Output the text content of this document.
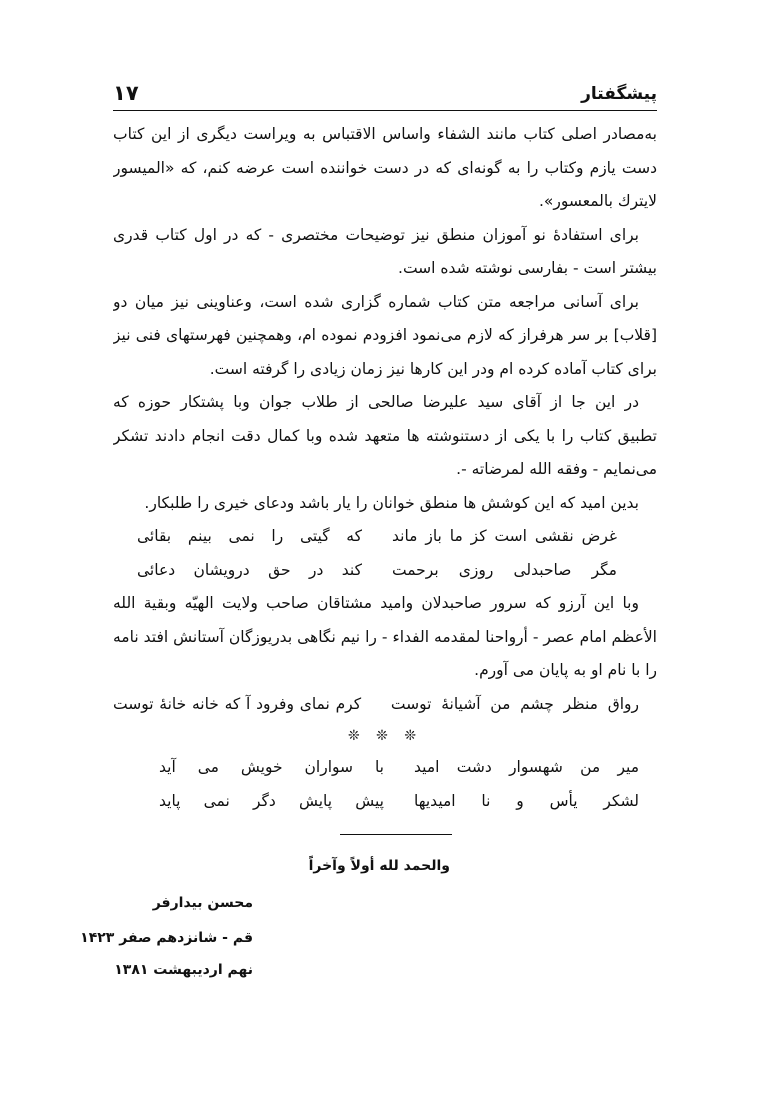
پیشگفتار
۱۷
به‌مصادر اصلی کتاب مانند الشفاء واساس الاقتباس به ویراست دیگری از این کتاب
دست یازم وکتاب را به گونه‌ای که در دست خواننده است عرضه کنم، که «المیسور
لایترك بالمعسور».
برای استفادهٔ نو آموزان منطق نیز توضیحات مختصری - که در اول کتاب قدری
بیشتر است - بفارسی نوشته شده است.
برای آسانی مراجعه متن کتاب شماره گزاری شده است، وعناوینی نیز میان دو
[قلاب] بر سر هرفراز که لازم می‌نمود افزودم نموده ام، وهمچنین فهرستهای فنی نیز
برای کتاب آماده کرده ام ودر این کارها نیز زمان زیادی را گرفته است.
در این جا از آقای سید علیرضا صالحی از طلاب جوان وبا پشتکار حوزه که
تطبیق کتاب را با یکی از دستنوشته ها متعهد شده وبا کمال دقت انجام دادند تشکر
می‌نمایم - وفقه الله لمرضاته -.
بدین امید که این کوشش ها منطق خوانان را یار باشد ودعای خیری را طلبکار.
غرض نقشی است کز ما باز ماند
که گیتی را نمی بینم بقائی
مگر صاحبدلی روزی برحمت
کند در حق درویشان دعائی
وبا این آرزو که سرور صاحبدلان وامید مشتاقان صاحب ولایت الهیّه وبقیة الله
الأعظم امام عصر - أرواحنا لمقدمه الفداء - را نیم نگاهی بدریوزگان آستانش افتد نامه
را با نام او به پایان می آورم.
رواق منظر چشم من آشیانهٔ توست
کرم نمای وفرود آ که خانه خانهٔ توست
❊ ❊ ❊
میر من شهسوار دشت امید
با سواران خویش می آید
لشکر یأس و نا امیدیها
پیش پایش دگر نمی پاید
والحمد لله أولاً وآخراً
محسن بیدارفر
قم - شانزدهم صفر ۱۴۲۳
نهم اردیبهشت ۱۳۸۱
